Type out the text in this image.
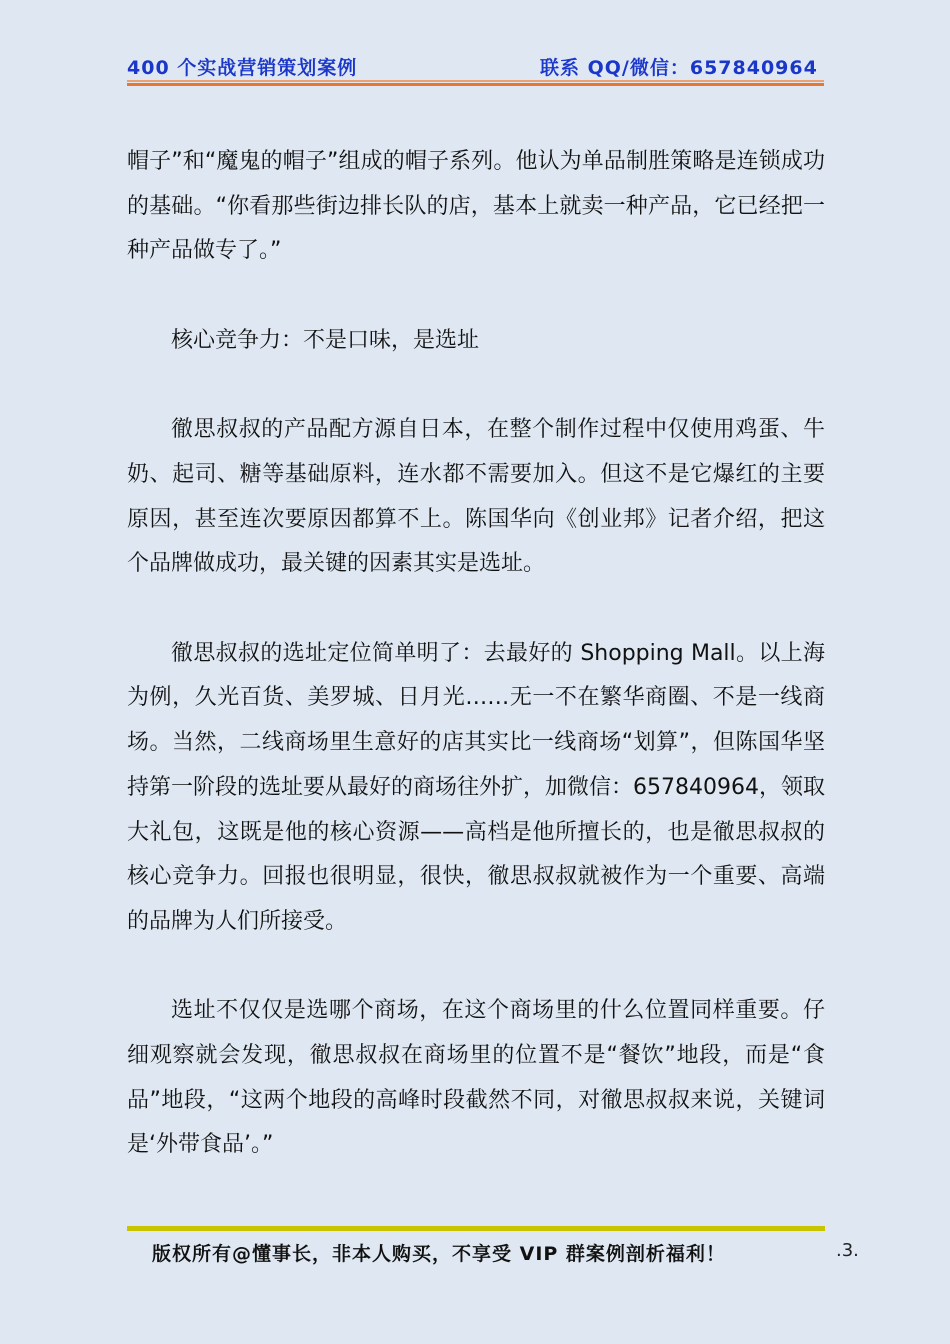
400 个实战营销策划案例	联系 QQ/微信：657840964

帽子”和“魔鬼的帽子”组成的帽子系列。他认为单品制胜策略是连锁成功的基础。“你看那些街边排长队的店，基本上就卖一种产品，它已经把一种产品做专了。”

核心竞争力：不是口味，是选址

徹思叔叔的产品配方源自日本，在整个制作过程中仅使用鸡蛋、牛奶、起司、糖等基础原料，连水都不需要加入。但这不是它爆红的主要原因，甚至连次要原因都算不上。陈国华向《创业邦》记者介绍，把这个品牌做成功，最关键的因素其实是选址。

徹思叔叔的选址定位简单明了：去最好的 Shopping Mall。以上海为例，久光百货、美罗城、日月光……无一不在繁华商圈、不是一线商场。当然，二线商场里生意好的店其实比一线商场“划算”，但陈国华坚持第一阶段的选址要从最好的商场往外扩，加微信：657840964，领取大礼包，这既是他的核心资源——高档是他所擅长的，也是徹思叔叔的核心竞争力。回报也很明显，很快，徹思叔叔就被作为一个重要、高端的品牌为人们所接受。

选址不仅仅是选哪个商场，在这个商场里的什么位置同样重要。仔细观察就会发现，徹思叔叔在商场里的位置不是“餐饮”地段，而是“食品”地段，“这两个地段的高峰时段截然不同，对徹思叔叔来说，关键词是‘外带食品’。”

版权所有@懂事长，非本人购买，不享受 VIP 群案例剖析福利！	.3.
